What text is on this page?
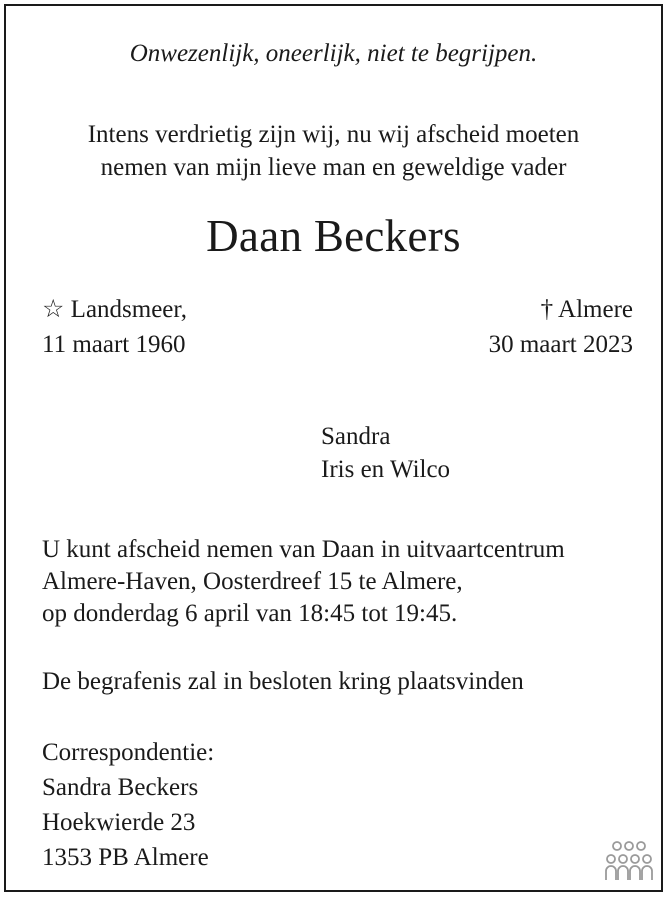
Onwezenlijk, oneerlijk, niet te begrijpen.
Intens verdrietig zijn wij, nu wij afscheid moeten
nemen van mijn lieve man en geweldige vader
Daan Beckers
☆ Landsmeer,
11 maart 1960
† Almere
30 maart 2023
Sandra
Iris en Wilco
U kunt afscheid nemen van Daan in uitvaartcentrum
Almere-Haven, Oosterdreef 15 te Almere,
op donderdag 6 april van 18:45 tot 19:45.
De begrafenis zal in besloten kring plaatsvinden
Correspondentie:
Sandra Beckers
Hoekwierde 23
1353 PB Almere
